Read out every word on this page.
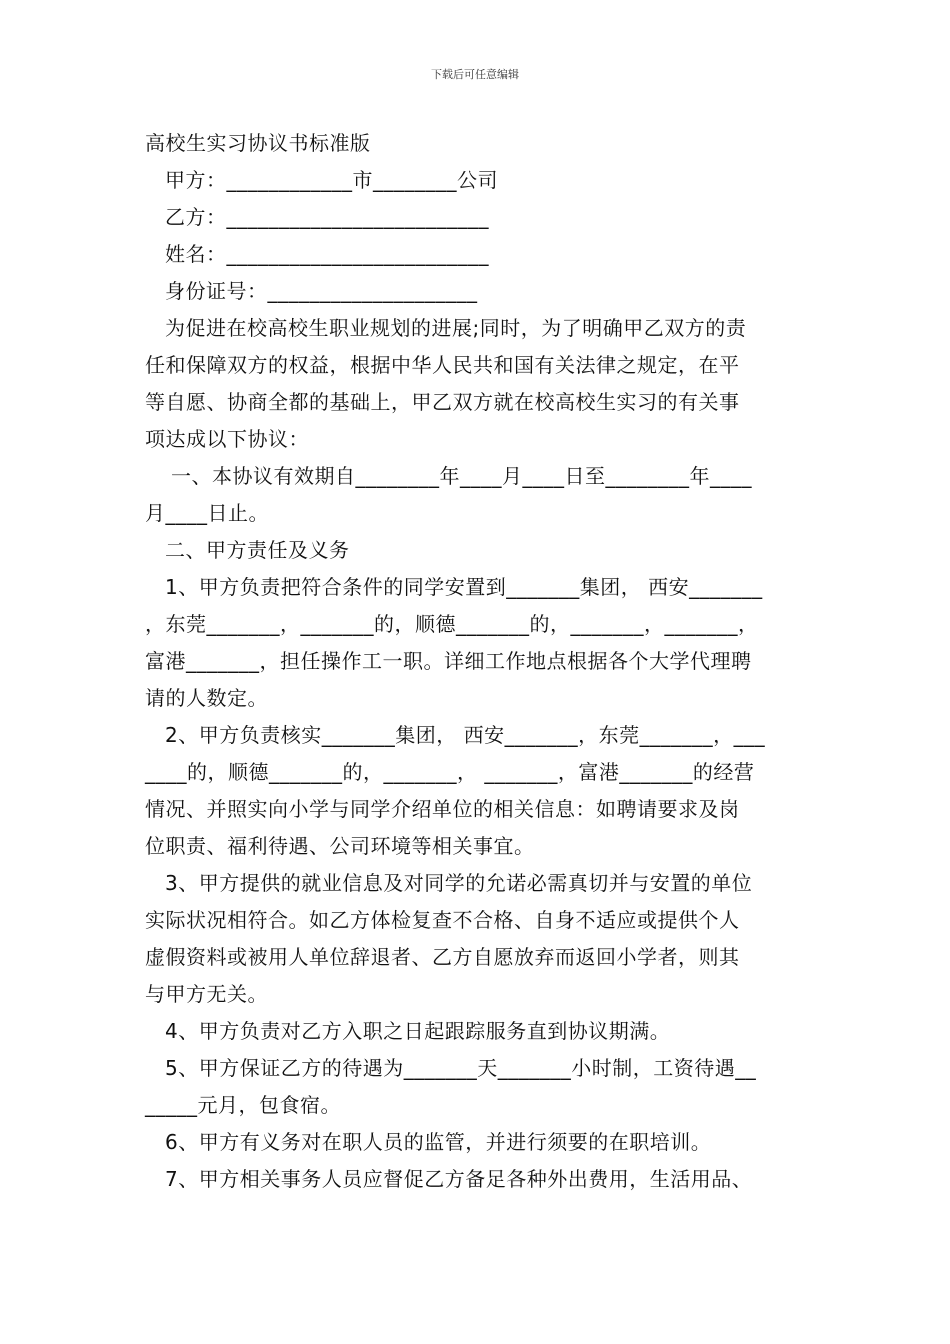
下载后可任意编辑
高校生实习协议书标准版
甲方：____________市________公司
乙方：_________________________
姓名：_________________________
身份证号：____________________
为促进在校高校生职业规划的进展;同时，为了明确甲乙双方的责
任和保障双方的权益，根据中华人民共和国有关法律之规定，在平
等自愿、协商全都的基础上，甲乙双方就在校高校生实习的有关事
项达成以下协议：
一、本协议有效期自________年____月____日至________年____
月____日止。
二、甲方责任及义务
1、甲方负责把符合条件的同学安置到_______集团， 西安_______
，东莞_______，_______的，顺德_______的，_______，_______，
富港_______，担任操作工一职。详细工作地点根据各个大学代理聘
请的人数定。
2、甲方负责核实_______集团， 西安_______，东莞_______，___
____的，顺德_______的，_______， _______，富港_______的经营
情况、并照实向小学与同学介绍单位的相关信息：如聘请要求及岗
位职责、福利待遇、公司环境等相关事宜。
3、甲方提供的就业信息及对同学的允诺必需真切并与安置的单位
实际状况相符合。如乙方体检复查不合格、自身不适应或提供个人
虚假资料或被用人单位辞退者、乙方自愿放弃而返回小学者，则其
与甲方无关。
4、甲方负责对乙方入职之日起跟踪服务直到协议期满。
5、甲方保证乙方的待遇为_______天_______小时制，工资待遇__
_____元月，包食宿。
6、甲方有义务对在职人员的监管，并进行须要的在职培训。
7、甲方相关事务人员应督促乙方备足各种外出费用，生活用品、
